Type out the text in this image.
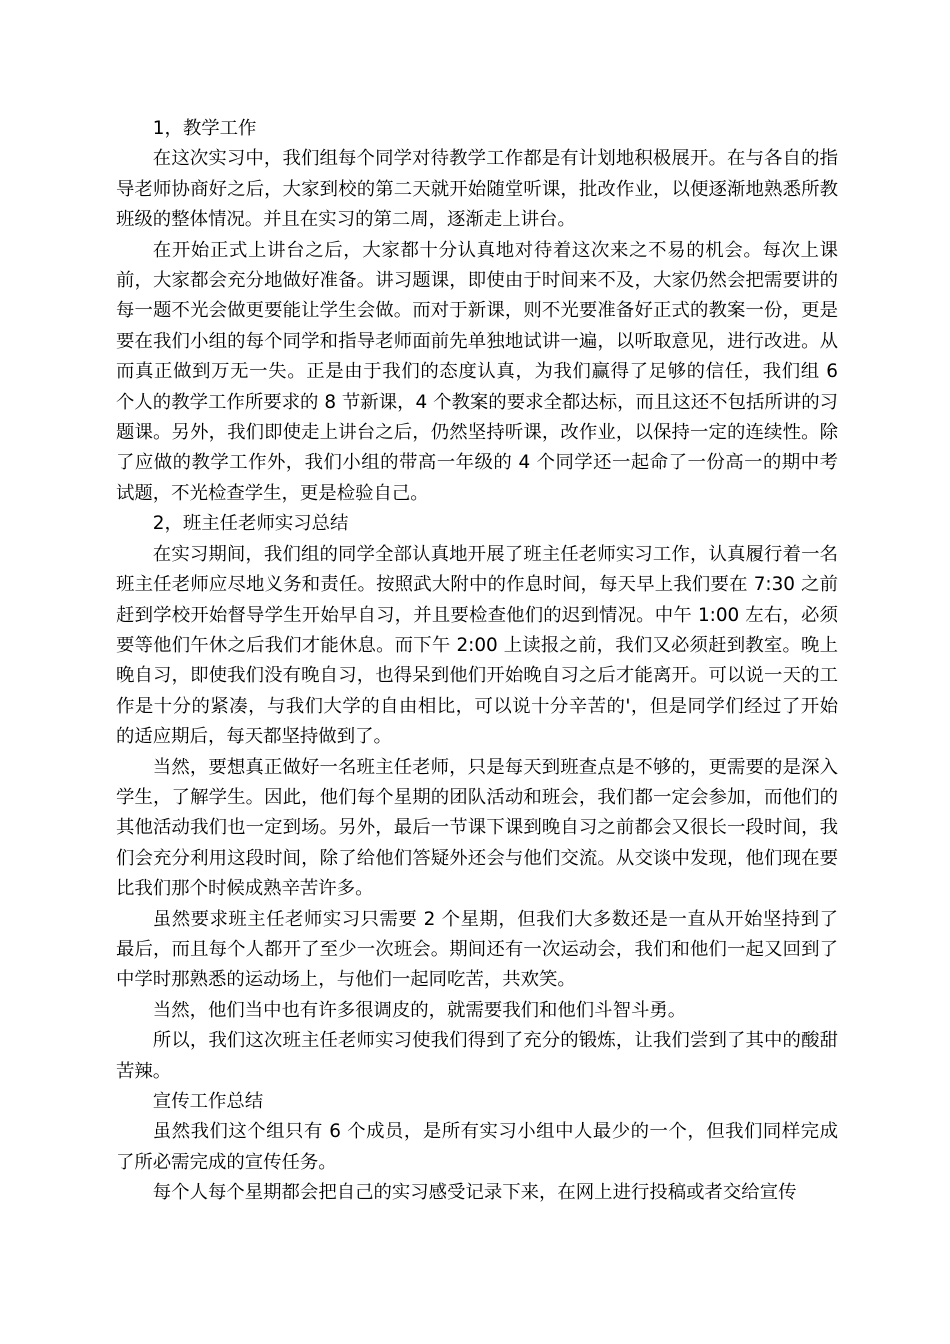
1，教学工作

在这次实习中，我们组每个同学对待教学工作都是有计划地积极展开。在与各自的指导老师协商好之后，大家到校的第二天就开始随堂听课，批改作业，以便逐渐地熟悉所教班级的整体情况。并且在实习的第二周，逐渐走上讲台。

在开始正式上讲台之后，大家都十分认真地对待着这次来之不易的机会。每次上课前，大家都会充分地做好准备。讲习题课，即使由于时间来不及，大家仍然会把需要讲的每一题不光会做更要能让学生会做。而对于新课，则不光要准备好正式的教案一份，更是要在我们小组的每个同学和指导老师面前先单独地试讲一遍，以听取意见，进行改进。从而真正做到万无一失。正是由于我们的态度认真，为我们赢得了足够的信任，我们组 6 个人的教学工作所要求的 8 节新课，4 个教案的要求全都达标，而且这还不包括所讲的习题课。另外，我们即使走上讲台之后，仍然坚持听课，改作业，以保持一定的连续性。除了应做的教学工作外，我们小组的带高一年级的 4 个同学还一起命了一份高一的期中考试题，不光检查学生，更是检验自己。

2，班主任老师实习总结

在实习期间，我们组的同学全部认真地开展了班主任老师实习工作，认真履行着一名班主任老师应尽地义务和责任。按照武大附中的作息时间，每天早上我们要在 7:30 之前赶到学校开始督导学生开始早自习，并且要检查他们的迟到情况。中午 1:00 左右，必须要等他们午休之后我们才能休息。而下午 2:00 上读报之前，我们又必须赶到教室。晚上晚自习，即使我们没有晚自习，也得呆到他们开始晚自习之后才能离开。可以说一天的工作是十分的紧凑，与我们大学的自由相比，可以说十分辛苦的'，但是同学们经过了开始的适应期后，每天都坚持做到了。

当然，要想真正做好一名班主任老师，只是每天到班查点是不够的，更需要的是深入学生，了解学生。因此，他们每个星期的团队活动和班会，我们都一定会参加，而他们的其他活动我们也一定到场。另外，最后一节课下课到晚自习之前都会又很长一段时间，我们会充分利用这段时间，除了给他们答疑外还会与他们交流。从交谈中发现，他们现在要比我们那个时候成熟辛苦许多。

虽然要求班主任老师实习只需要 2 个星期，但我们大多数还是一直从开始坚持到了最后，而且每个人都开了至少一次班会。期间还有一次运动会，我们和他们一起又回到了中学时那熟悉的运动场上，与他们一起同吃苦，共欢笑。

当然，他们当中也有许多很调皮的，就需要我们和他们斗智斗勇。

所以，我们这次班主任老师实习使我们得到了充分的锻炼，让我们尝到了其中的酸甜苦辣。

宣传工作总结

虽然我们这个组只有 6 个成员，是所有实习小组中人最少的一个，但我们同样完成了所必需完成的宣传任务。

每个人每个星期都会把自己的实习感受记录下来，在网上进行投稿或者交给宣传
